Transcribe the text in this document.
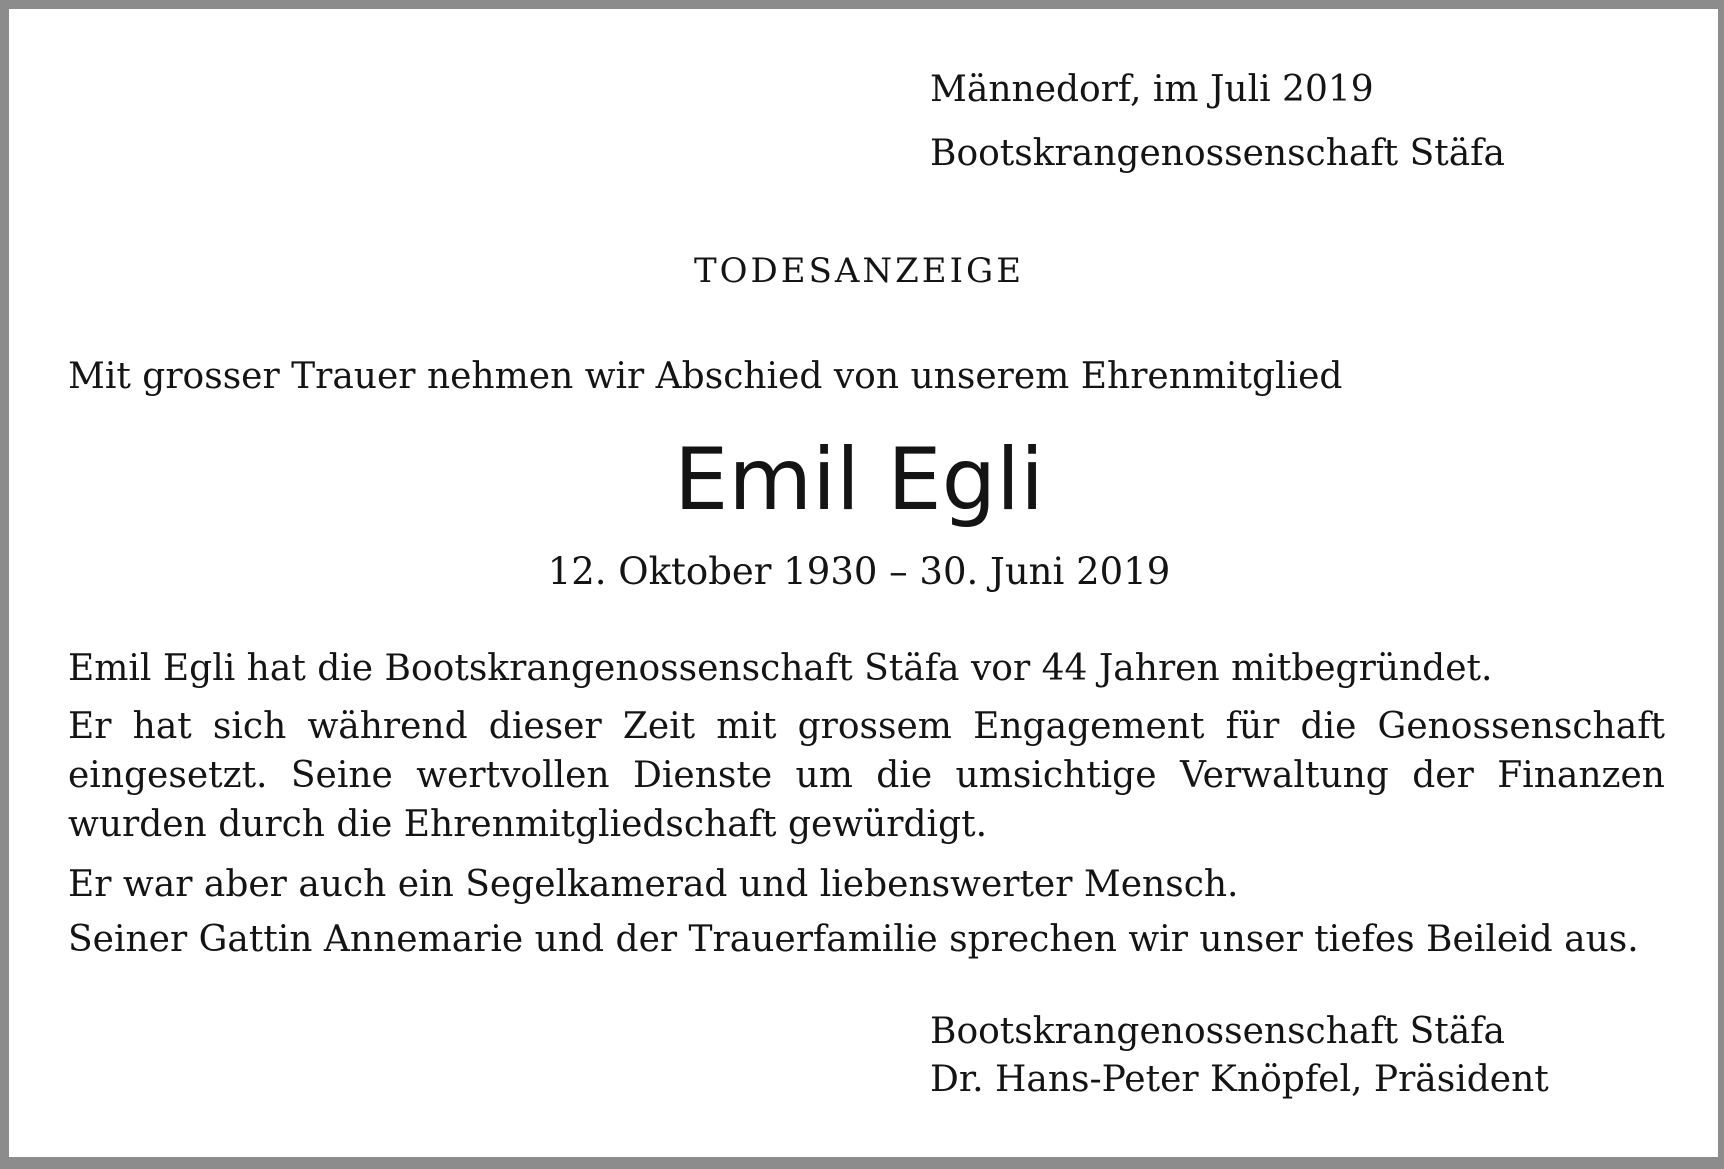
Männedorf, im Juli 2019

Bootskrangenossenschaft Stäfa

TODESANZEIGE

Mit grosser Trauer nehmen wir Abschied von unserem Ehrenmitglied

Emil Egli

12. Oktober 1930 – 30. Juni 2019

Emil Egli hat die Bootskrangenossenschaft Stäfa vor 44 Jahren mitbegründet.

Er hat sich während dieser Zeit mit grossem Engagement für die Genossenschaft eingesetzt. Seine wertvollen Dienste um die umsichtige Verwaltung der Finanzen wurden durch die Ehrenmitgliedschaft gewürdigt.

Er war aber auch ein Segelkamerad und liebenswerter Mensch.

Seiner Gattin Annemarie und der Trauerfamilie sprechen wir unser tiefes Beileid aus.

Bootskrangenossenschaft Stäfa

Dr. Hans-Peter Knöpfel, Präsident
